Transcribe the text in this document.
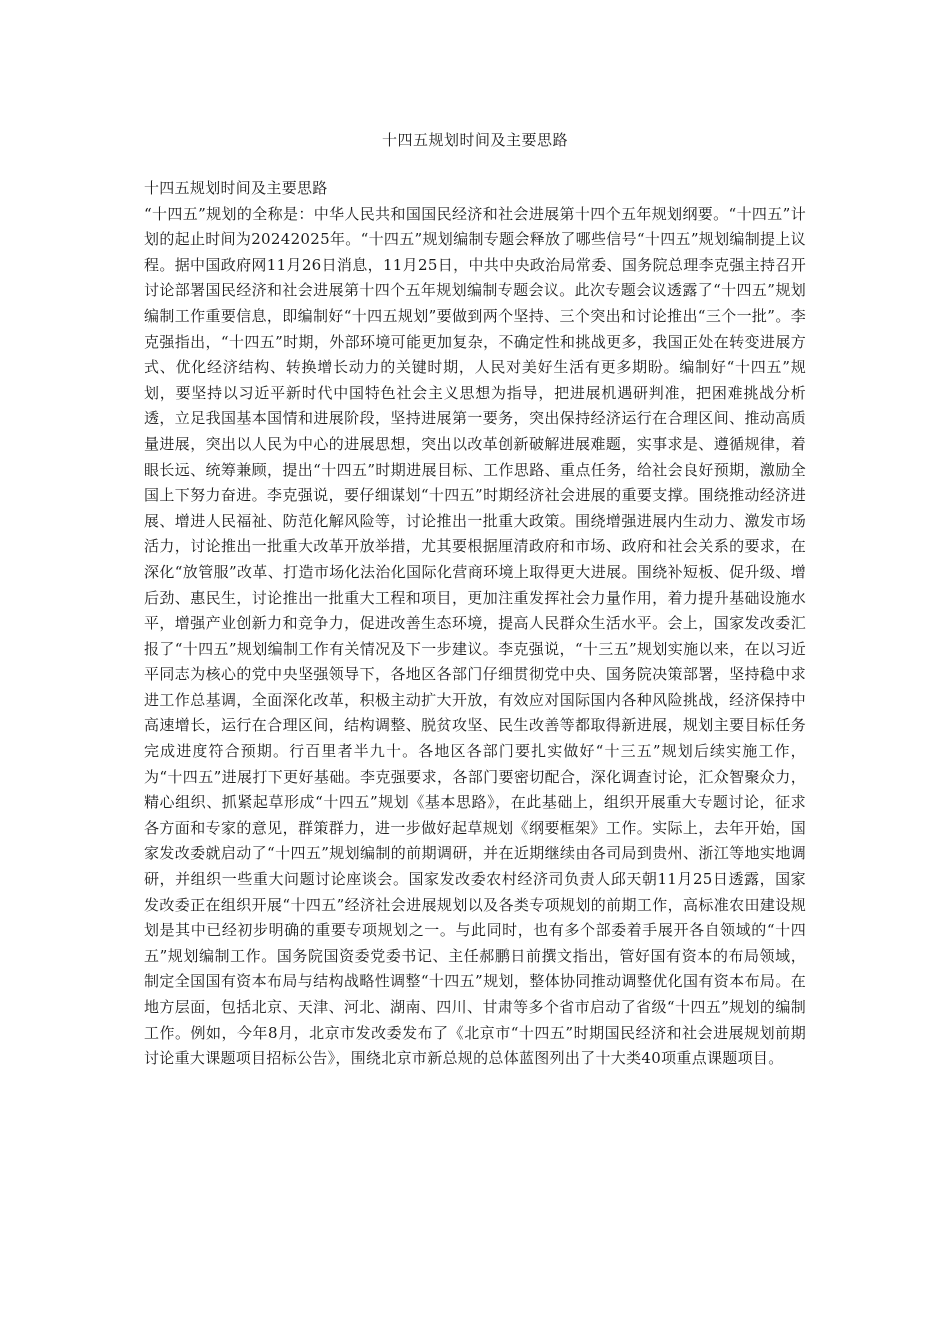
十四五规划时间及主要思路

十四五规划时间及主要思路

“十四五”规划的全称是：中华人民共和国国民经济和社会进展第十四个五年规划纲要。“十四五”计划的起止时间为20242025年。“十四五”规划编制专题会释放了哪些信号“十四五”规划编制提上议程。据中国政府网11月26日消息，11月25日，中共中央政治局常委、国务院总理李克强主持召开讨论部署国民经济和社会进展第十四个五年规划编制专题会议。此次专题会议透露了“十四五”规划编制工作重要信息，即编制好“十四五规划”要做到两个坚持、三个突出和讨论推出“三个一批”。李克强指出，“十四五”时期，外部环境可能更加复杂，不确定性和挑战更多，我国正处在转变进展方式、优化经济结构、转换增长动力的关键时期，人民对美好生活有更多期盼。编制好“十四五”规划，要坚持以习近平新时代中国特色社会主义思想为指导，把进展机遇研判准，把困难挑战分析透，立足我国基本国情和进展阶段，坚持进展第一要务，突出保持经济运行在合理区间、推动高质量进展，突出以人民为中心的进展思想，突出以改革创新破解进展难题，实事求是、遵循规律，着眼长远、统筹兼顾，提出“十四五”时期进展目标、工作思路、重点任务，给社会良好预期，激励全国上下努力奋进。李克强说，要仔细谋划“十四五”时期经济社会进展的重要支撑。围绕推动经济进展、增进人民福祉、防范化解风险等，讨论推出一批重大政策。围绕增强进展内生动力、激发市场活力，讨论推出一批重大改革开放举措，尤其要根据厘清政府和市场、政府和社会关系的要求，在深化“放管服”改革、打造市场化法治化国际化营商环境上取得更大进展。围绕补短板、促升级、增后劲、惠民生，讨论推出一批重大工程和项目，更加注重发挥社会力量作用，着力提升基础设施水平，增强产业创新力和竞争力，促进改善生态环境，提高人民群众生活水平。会上，国家发改委汇报了“十四五”规划编制工作有关情况及下一步建议。李克强说，“十三五”规划实施以来，在以习近平同志为核心的党中央坚强领导下，各地区各部门仔细贯彻党中央、国务院决策部署，坚持稳中求进工作总基调，全面深化改革，积极主动扩大开放，有效应对国际国内各种风险挑战，经济保持中高速增长，运行在合理区间，结构调整、脱贫攻坚、民生改善等都取得新进展，规划主要目标任务完成进度符合预期。行百里者半九十。各地区各部门要扎实做好“十三五”规划后续实施工作，为“十四五”进展打下更好基础。李克强要求，各部门要密切配合，深化调查讨论，汇众智聚众力，精心组织、抓紧起草形成“十四五”规划《基本思路》，在此基础上，组织开展重大专题讨论，征求各方面和专家的意见，群策群力，进一步做好起草规划《纲要框架》工作。实际上，去年开始，国家发改委就启动了“十四五”规划编制的前期调研，并在近期继续由各司局到贵州、浙江等地实地调研，并组织一些重大问题讨论座谈会。国家发改委农村经济司负责人邱天朝11月25日透露，国家发改委正在组织开展“十四五”经济社会进展规划以及各类专项规划的前期工作，高标准农田建设规划是其中已经初步明确的重要专项规划之一。与此同时，也有多个部委着手展开各自领域的“十四五”规划编制工作。国务院国资委党委书记、主任郝鹏日前撰文指出，管好国有资本的布局领域，制定全国国有资本布局与结构战略性调整“十四五”规划，整体协同推动调整优化国有资本布局。在地方层面，包括北京、天津、河北、湖南、四川、甘肃等多个省市启动了省级“十四五”规划的编制工作。例如，今年8月，北京市发改委发布了《北京市“十四五”时期国民经济和社会进展规划前期讨论重大课题项目招标公告》，围绕北京市新总规的总体蓝图列出了十大类40项重点课题项目。
